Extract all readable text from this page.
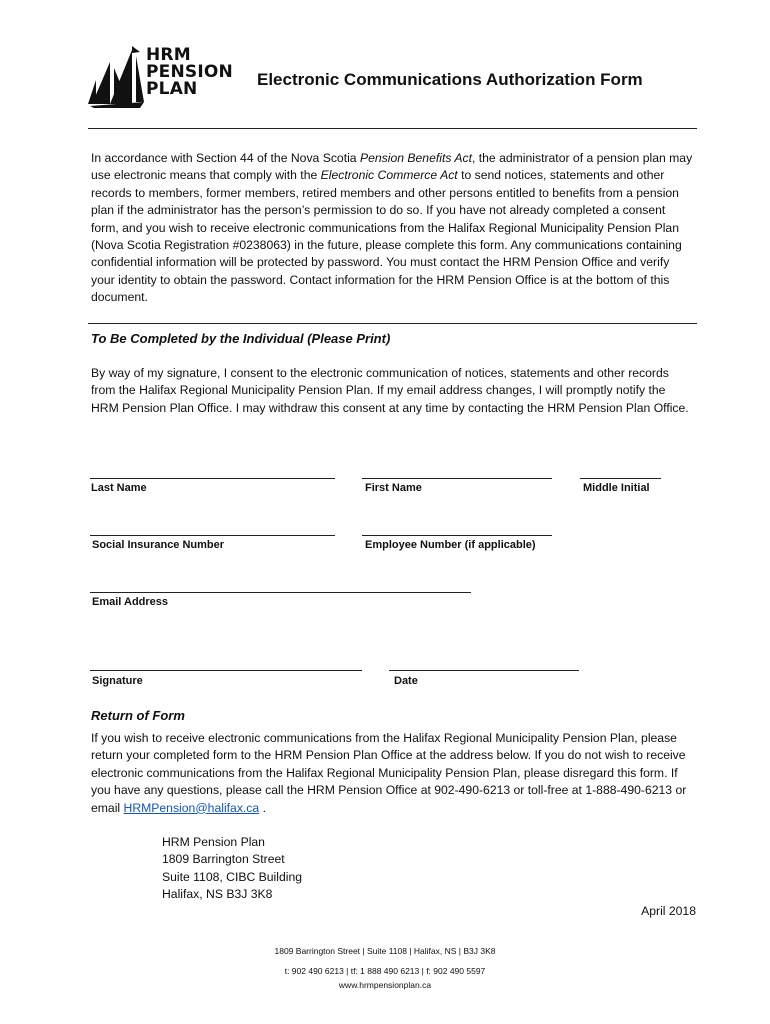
HRM
PENSION
PLAN	Electronic Communications Authorization Form
In accordance with Section 44 of the Nova Scotia Pension Benefits Act, the administrator of a pension plan may use electronic means that comply with the Electronic Commerce Act to send notices, statements and other records to members, former members, retired members and other persons entitled to benefits from a pension plan if the administrator has the person’s permission to do so. If you have not already completed a consent form, and you wish to receive electronic communications from the Halifax Regional Municipality Pension Plan (Nova Scotia Registration #0238063) in the future, please complete this form. Any communications containing confidential information will be protected by password. You must contact the HRM Pension Office and verify your identity to obtain the password. Contact information for the HRM Pension Office is at the bottom of this document.
To Be Completed by the Individual (Please Print)
By way of my signature, I consent to the electronic communication of notices, statements and other records from the Halifax Regional Municipality Pension Plan. If my email address changes, I will promptly notify the HRM Pension Plan Office. I may withdraw this consent at any time by contacting the HRM Pension Plan Office.
Last Name	First Name	Middle Initial
Social Insurance Number	Employee Number (if applicable)
Email Address
Signature	Date
Return of Form
If you wish to receive electronic communications from the Halifax Regional Municipality Pension Plan, please return your completed form to the HRM Pension Plan Office at the address below. If you do not wish to receive electronic communications from the Halifax Regional Municipality Pension Plan, please disregard this form. If you have any questions, please call the HRM Pension Office at 902-490-6213 or toll-free at 1-888-490-6213 or email HRMPension@halifax.ca .
HRM Pension Plan
1809 Barrington Street
Suite 1108, CIBC Building
Halifax, NS B3J 3K8
April 2018
1809 Barrington Street | Suite 1108 | Halifax, NS | B3J 3K8
t: 902 490 6213 | tf: 1 888 490 6213 | f: 902 490 5597
www.hrmpensionplan.ca
